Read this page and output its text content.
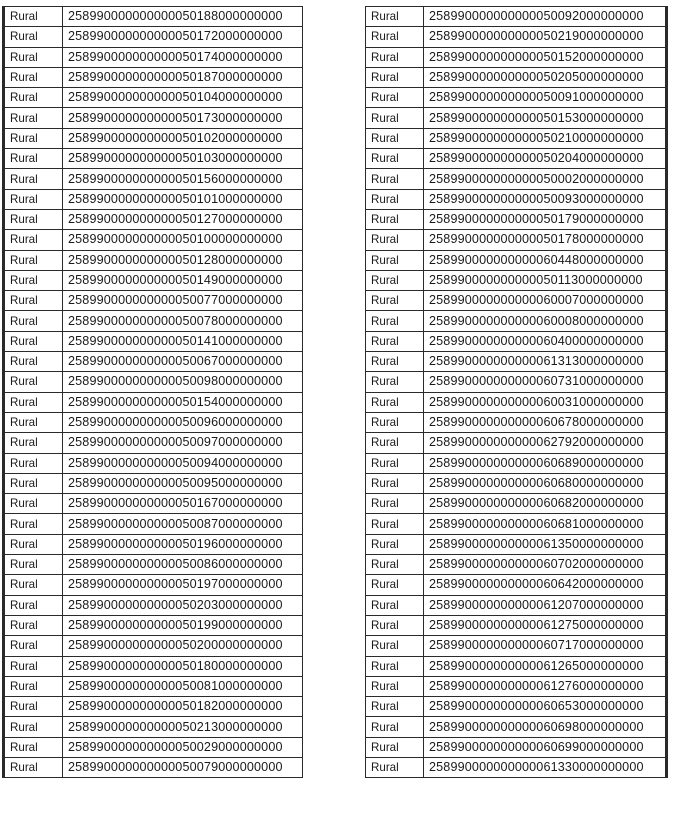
Rural	258990000000000050188000000000
Rural	258990000000000050172000000000
Rural	258990000000000050174000000000
Rural	258990000000000050187000000000
Rural	258990000000000050104000000000
Rural	258990000000000050173000000000
Rural	258990000000000050102000000000
Rural	258990000000000050103000000000
Rural	258990000000000050156000000000
Rural	258990000000000050101000000000
Rural	258990000000000050127000000000
Rural	258990000000000050100000000000
Rural	258990000000000050128000000000
Rural	258990000000000050149000000000
Rural	258990000000000050077000000000
Rural	258990000000000050078000000000
Rural	258990000000000050141000000000
Rural	258990000000000050067000000000
Rural	258990000000000050098000000000
Rural	258990000000000050154000000000
Rural	258990000000000050096000000000
Rural	258990000000000050097000000000
Rural	258990000000000050094000000000
Rural	258990000000000050095000000000
Rural	258990000000000050167000000000
Rural	258990000000000050087000000000
Rural	258990000000000050196000000000
Rural	258990000000000050086000000000
Rural	258990000000000050197000000000
Rural	258990000000000050203000000000
Rural	258990000000000050199000000000
Rural	258990000000000050200000000000
Rural	258990000000000050180000000000
Rural	258990000000000050081000000000
Rural	258990000000000050182000000000
Rural	258990000000000050213000000000
Rural	258990000000000050029000000000
Rural	258990000000000050079000000000
Rural	258990000000000050092000000000
Rural	258990000000000050219000000000
Rural	258990000000000050152000000000
Rural	258990000000000050205000000000
Rural	258990000000000050091000000000
Rural	258990000000000050153000000000
Rural	258990000000000050210000000000
Rural	258990000000000050204000000000
Rural	258990000000000050002000000000
Rural	258990000000000050093000000000
Rural	258990000000000050179000000000
Rural	258990000000000050178000000000
Rural	258990000000000060448000000000
Rural	258990000000000050113000000000
Rural	258990000000000060007000000000
Rural	258990000000000060008000000000
Rural	258990000000000060400000000000
Rural	258990000000000061313000000000
Rural	258990000000000060731000000000
Rural	258990000000000060031000000000
Rural	258990000000000060678000000000
Rural	258990000000000062792000000000
Rural	258990000000000060689000000000
Rural	258990000000000060680000000000
Rural	258990000000000060682000000000
Rural	258990000000000060681000000000
Rural	258990000000000061350000000000
Rural	258990000000000060702000000000
Rural	258990000000000060642000000000
Rural	258990000000000061207000000000
Rural	258990000000000061275000000000
Rural	258990000000000060717000000000
Rural	258990000000000061265000000000
Rural	258990000000000061276000000000
Rural	258990000000000060653000000000
Rural	258990000000000060698000000000
Rural	258990000000000060699000000000
Rural	258990000000000061330000000000
